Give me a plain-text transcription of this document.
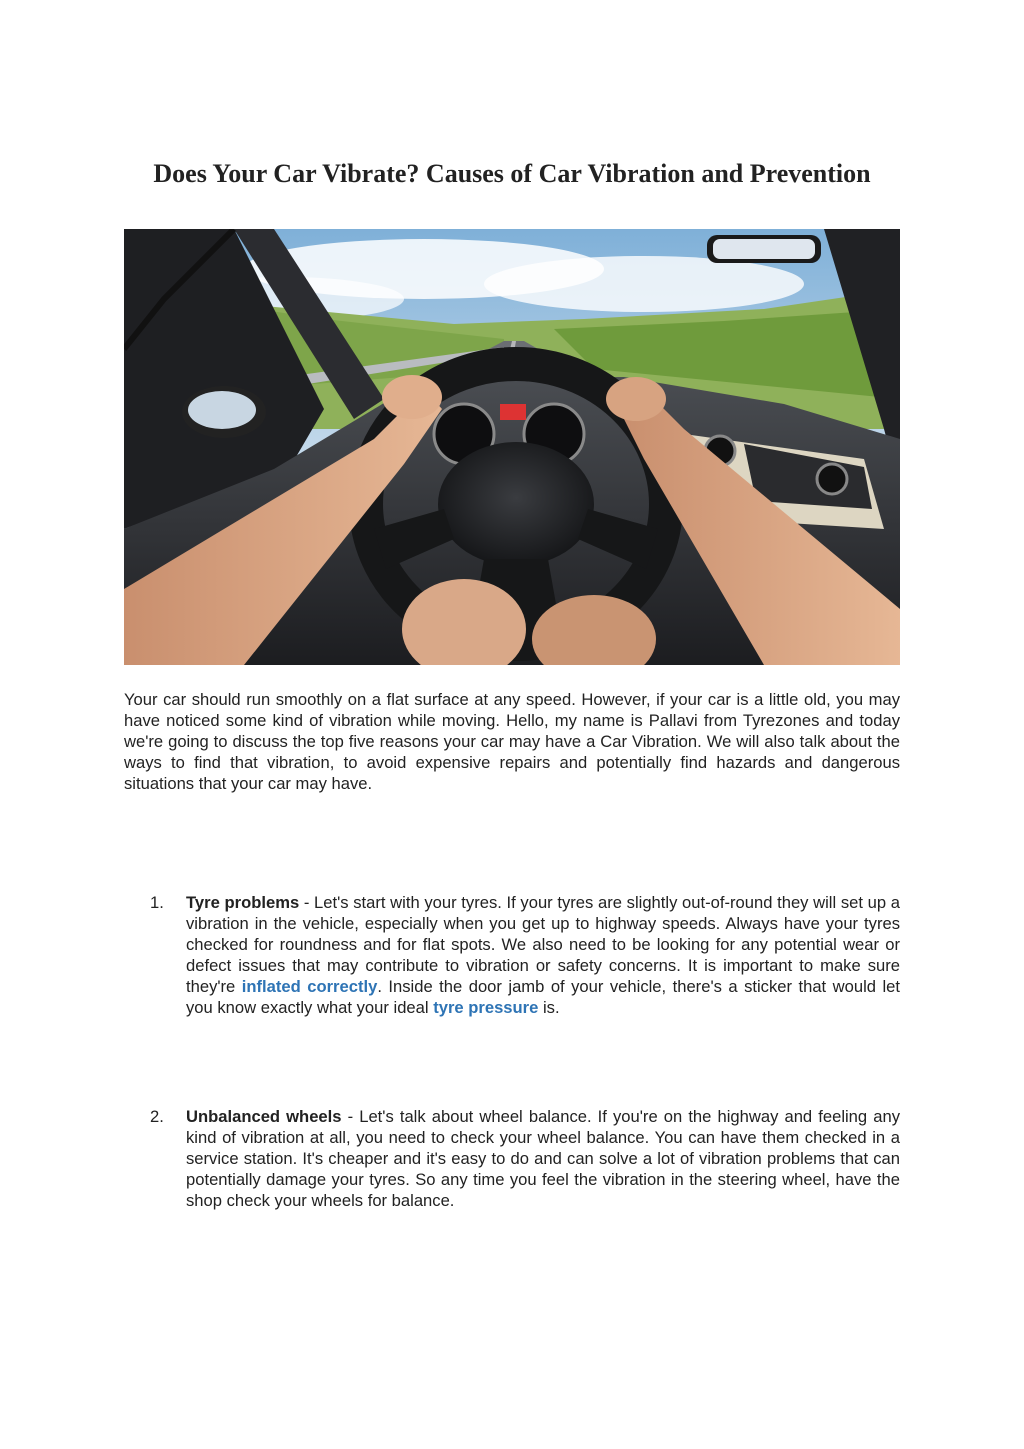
Does Your Car Vibrate? Causes of Car Vibration and Prevention

Your car should run smoothly on a flat surface at any speed. However, if your car is a little old, you may have noticed some kind of vibration while moving. Hello, my name is Pallavi from Tyrezones and today we're going to discuss the top five reasons your car may have a Car Vibration. We will also talk about the ways to find that vibration, to avoid expensive repairs and potentially find hazards and dangerous situations that your car may have.

1.	Tyre problems - Let's start with your tyres. If your tyres are slightly out-of-round they will set up a vibration in the vehicle, especially when you get up to highway speeds. Always have your tyres checked for roundness and for flat spots. We also need to be looking for any potential wear or defect issues that may contribute to vibration or safety concerns. It is important to make sure they're inflated correctly. Inside the door jamb of your vehicle, there's a sticker that would let you know exactly what your ideal tyre pressure is.
2.	Unbalanced wheels - Let's talk about wheel balance. If you're on the highway and feeling any kind of vibration at all, you need to check your wheel balance. You can have them checked in a service station. It's cheaper and it's easy to do and can solve a lot of vibration problems that can potentially damage your tyres. So any time you feel the vibration in the steering wheel, have the shop check your wheels for balance.
